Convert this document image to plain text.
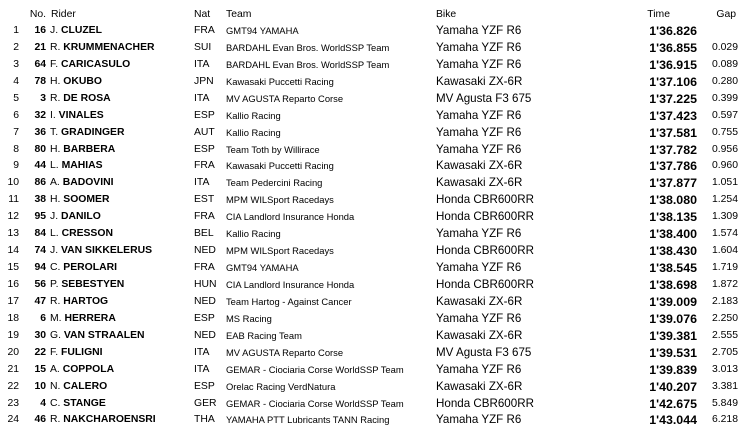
No. Rider	Nat	Team	Bike	Time	Gap
1	16 J. CLUZEL	FRA	GMT94 YAMAHA	Yamaha YZF R6	1'36.826
2	21 R. KRUMMENACHER	SUI	BARDAHL Evan Bros. WorldSSP Team	Yamaha YZF R6	1'36.855	0.029
3	64 F. CARICASULO	ITA	BARDAHL Evan Bros. WorldSSP Team	Yamaha YZF R6	1'36.915	0.089
4	78 H. OKUBO	JPN	Kawasaki Puccetti Racing	Kawasaki ZX-6R	1'37.106	0.280
5	3 R. DE ROSA	ITA	MV AGUSTA Reparto Corse	MV Agusta F3 675	1'37.225	0.399
6	32 I. VINALES	ESP	Kallio Racing	Yamaha YZF R6	1'37.423	0.597
7	36 T. GRADINGER	AUT	Kallio Racing	Yamaha YZF R6	1'37.581	0.755
8	80 H. BARBERA	ESP	Team Toth by Willirace	Yamaha YZF R6	1'37.782	0.956
9	44 L. MAHIAS	FRA	Kawasaki Puccetti Racing	Kawasaki ZX-6R	1'37.786	0.960
10	86 A. BADOVINI	ITA	Team Pedercini Racing	Kawasaki ZX-6R	1'37.877	1.051
11	38 H. SOOMER	EST	MPM WILSport Racedays	Honda CBR600RR	1'38.080	1.254
12	95 J. DANILO	FRA	CIA Landlord Insurance Honda	Honda CBR600RR	1'38.135	1.309
13	84 L. CRESSON	BEL	Kallio Racing	Yamaha YZF R6	1'38.400	1.574
14	74 J. VAN SIKKELERUS	NED	MPM WILSport Racedays	Honda CBR600RR	1'38.430	1.604
15	94 C. PEROLARI	FRA	GMT94 YAMAHA	Yamaha YZF R6	1'38.545	1.719
16	56 P. SEBESTYEN	HUN	CIA Landlord Insurance Honda	Honda CBR600RR	1'38.698	1.872
17	47 R. HARTOG	NED	Team Hartog - Against Cancer	Kawasaki ZX-6R	1'39.009	2.183
18	6 M. HERRERA	ESP	MS Racing	Yamaha YZF R6	1'39.076	2.250
19	30 G. VAN STRAALEN	NED	EAB Racing Team	Kawasaki ZX-6R	1'39.381	2.555
20	22 F. FULIGNI	ITA	MV AGUSTA Reparto Corse	MV Agusta F3 675	1'39.531	2.705
21	15 A. COPPOLA	ITA	GEMAR - Ciociaria Corse WorldSSP Team	Yamaha YZF R6	1'39.839	3.013
22	10 N. CALERO	ESP	Orelac Racing VerdNatura	Kawasaki ZX-6R	1'40.207	3.381
23	4 C. STANGE	GER	GEMAR - Ciociaria Corse WorldSSP Team	Honda CBR600RR	1'42.675	5.849
24	46 R. NAKCHAROENSRI	THA	YAMAHA PTT Lubricants TANN Racing	Yamaha YZF R6	1'43.044	6.218
